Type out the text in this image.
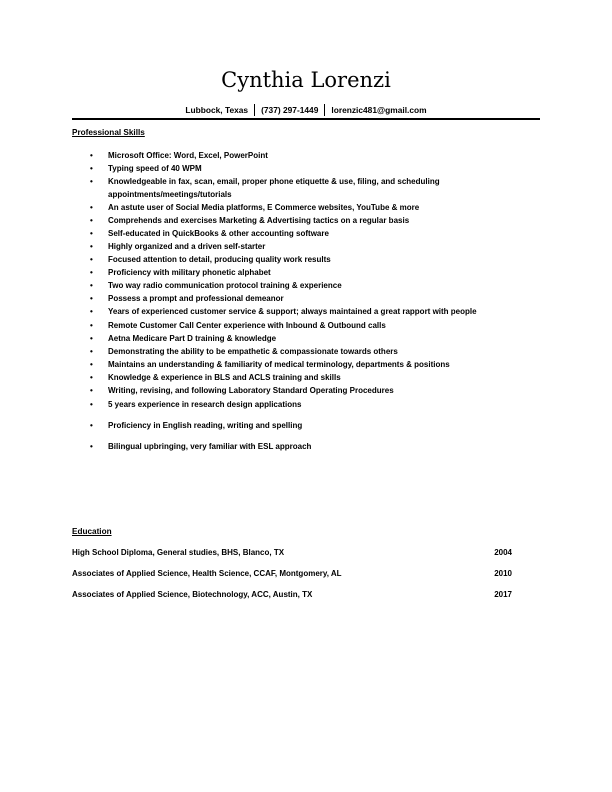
Cynthia Lorenzi
Lubbock, Texas (737) 297-1449 lorenzic481@gmail.com
Professional Skills
• Microsoft Office: Word, Excel, PowerPoint
• Typing speed of 40 WPM
• Knowledgeable in fax, scan, email, proper phone etiquette & use, filing, and scheduling
appointments/meetings/tutorials
• An astute user of Social Media platforms, E Commerce websites, YouTube & more
• Comprehends and exercises Marketing & Advertising tactics on a regular basis
• Self-educated in QuickBooks & other accounting software
• Highly organized and a driven self-starter
• Focused attention to detail, producing quality work results
• Proficiency with military phonetic alphabet
• Two way radio communication protocol training & experience
• Possess a prompt and professional demeanor
• Years of experienced customer service & support; always maintained a great rapport with people
• Remote Customer Call Center experience with Inbound & Outbound calls
• Aetna Medicare Part D training & knowledge
• Demonstrating the ability to be empathetic & compassionate towards others
• Maintains an understanding & familiarity of medical terminology, departments & positions
• Knowledge & experience in BLS and ACLS training and skills
• Writing, revising, and following Laboratory Standard Operating Procedures
• 5 years experience in research design applications
• Proficiency in English reading, writing and spelling
• Bilingual upbringing, very familiar with ESL approach
Education
High School Diploma, General studies, BHS, Blanco, TX	2004
Associates of Applied Science, Health Science, CCAF, Montgomery, AL	2010
Associates of Applied Science, Biotechnology, ACC, Austin, TX	2017
